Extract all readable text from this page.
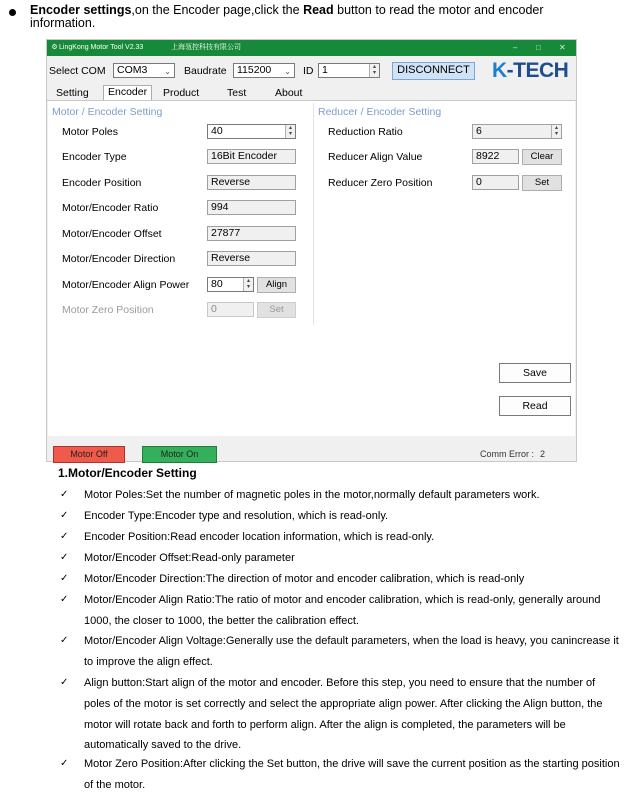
Encoder settings,on the Encoder page,click the Read button to read the motor and encoder information.
⚙LingKong Motor Tool V2.33	上海瓴控科技有限公司	– □ ✕
Select COM	COM3 ⌄ Baudrate 115200 ⌄ ID 1	▴
▾	DISCONNECT K-TECH
Setting	Encoder	Product	Test	About
Motor / Encoder Setting
Motor Poles	40	▴
▾
Encoder Type	16Bit Encoder
Encoder Position	Reverse
Motor/Encoder Ratio	994
Motor/Encoder Offset	27877
Motor/Encoder Direction	Reverse
Motor/Encoder Align Power	80	▴
▾	Align
Motor Zero Position	0	Set
Reducer / Encoder Setting
Reduction Ratio	6	▴
▾
Reducer Align Value	8922	Clear
Reducer Zero Position	0	Set
Save
Read
Motor Off	Motor On	Comm Error : 2
1.Motor/Encoder Setting
✓ Motor Poles:Set the number of magnetic poles in the motor,normally default parameters work.
✓ Encoder Type:Encoder type and resolution, which is read-only.
✓ Encoder Position:Read encoder location information, which is read-only.
✓ Motor/Encoder Offset:Read-only parameter
✓ Motor/Encoder Direction:The direction of motor and encoder calibration, which is read-only
✓ Motor/Encoder Align Ratio:The ratio of motor and encoder calibration, which is read-only, generally around 1000, the closer to 1000, the better the calibration effect.
✓ Motor/Encoder Align Voltage:Generally use the default parameters, when the load is heavy, you canincrease it to improve the align effect.
✓ Align button:Start align of the motor and encoder. Before this step, you need to ensure that the number of poles of the motor is set correctly and select the appropriate align power. After clicking the Align button, the motor will rotate back and forth to perform align. After the align is completed, the parameters will be automatically saved to the drive.
✓ Motor Zero Position:After clicking the Set button, the drive will save the current position as the starting position of the motor.
